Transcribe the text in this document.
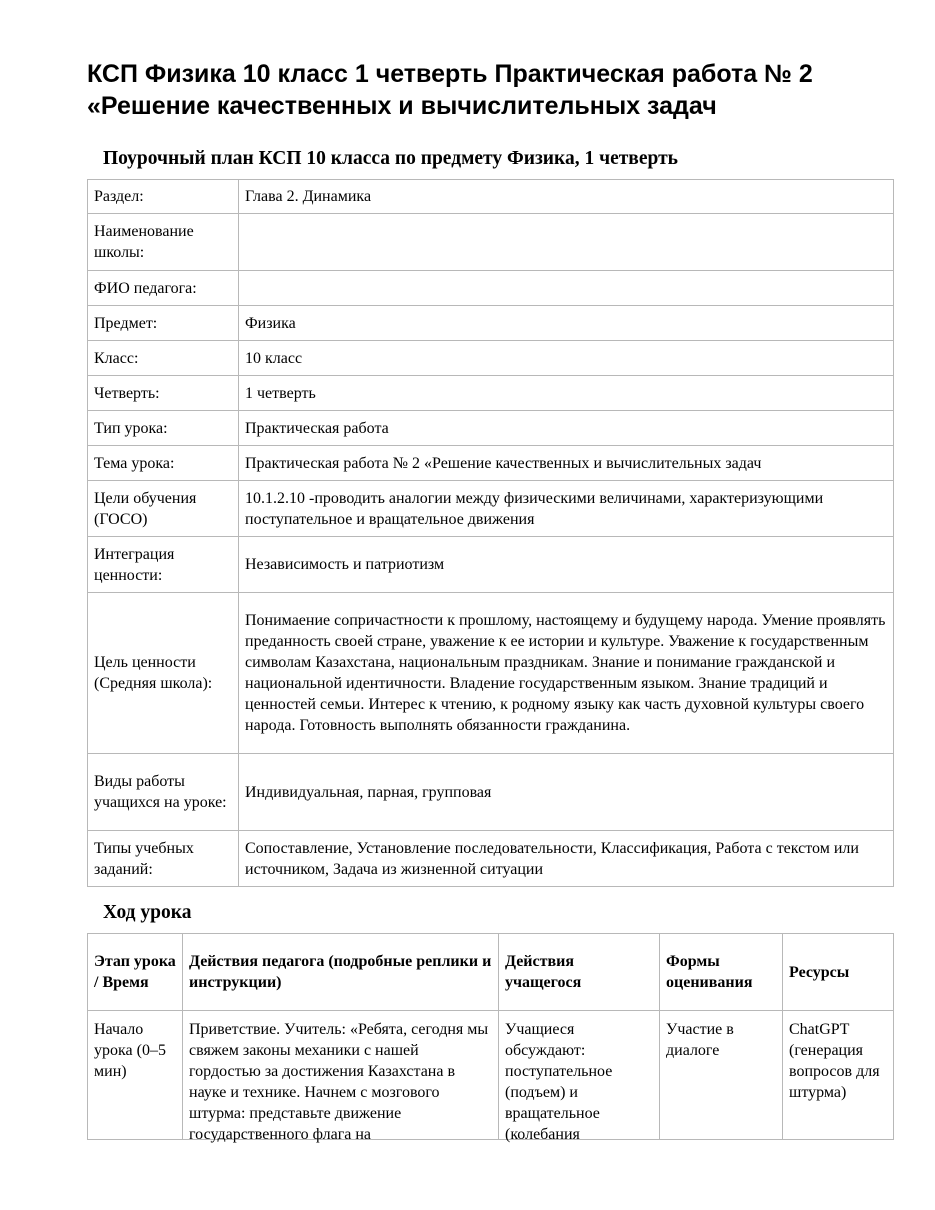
КСП Физика 10 класс 1 четверть Практическая работа № 2 «Решение качественных и вычислительных задач
Поурочный план КСП 10 класса по предмету Физика, 1 четверть
Раздел:	Глава 2. Динамика
Наименование школы:	
ФИО педагога:	
Предмет:	Физика
Класс:	10 класс
Четверть:	1 четверть
Тип урока:	Практическая работа
Тема урока:	Практическая работа № 2 «Решение качественных и вычислительных задач
Цели обучения (ГОСО)	10.1.2.10 -проводить аналогии между физическими величинами, характеризующими поступательное и вращательное движения
Интеграция ценности:	Независимость и патриотизм
Цель ценности (Средняя школа):	Понимаение сопричастности к прошлому, настоящему и будущему народа. Умение проявлять преданность своей стране, уважение к ее истории и культуре. Уважение к государственным символам Казахстана, национальным праздникам. Знание и понимание гражданской и национальной идентичности. Владение государственным языком. Знание традиций и ценностей семьи. Интерес к чтению, к родному языку как часть духовной культуры своего народа. Готовность выполнять обязанности гражданина.
Виды работы учащихся на уроке:	Индивидуальная, парная, групповая
Типы учебных заданий:	Сопоставление, Установление последовательности, Классификация, Работа с текстом или источником, Задача из жизненной ситуации
Ход урока
Этап урока / Время	Действия педагога (подробные реплики и инструкции)	Действия учащегося	Формы оценивания	Ресурсы

Начало урока (0–5 мин)	Приветствие. Учитель: «Ребята, сегодня мы свяжем законы механики с нашей гордостью за достижения Казахстана в науке и технике. Начнем с мозгового штурма: представьте движение государственного флага на	Учащиеся обсуждают: поступательное (подъем) и вращательное (колебания	Участие в диалоге	ChatGPT (генерация вопросов для штурма)
